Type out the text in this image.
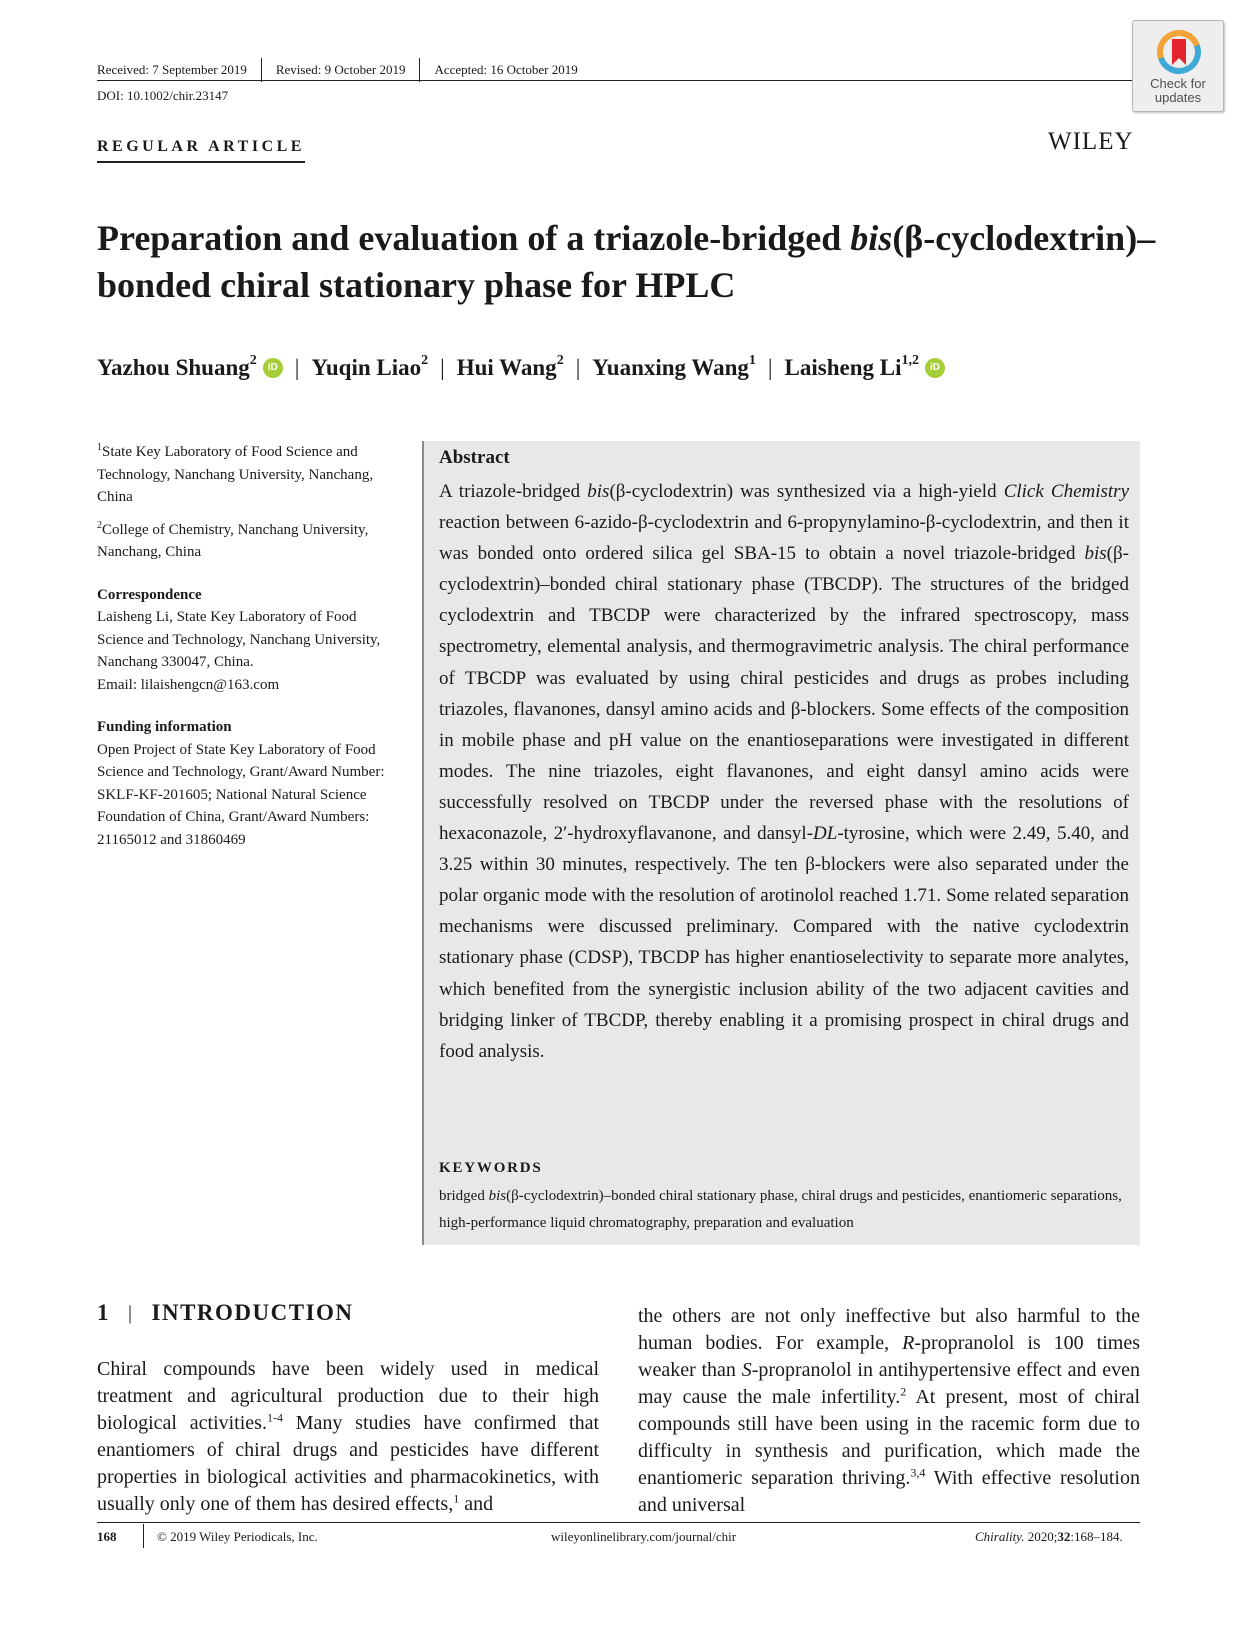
Received: 7 September 2019	Revised: 9 October 2019	Accepted: 16 October 2019
DOI: 10.1002/chir.23147
Check for
updates
REGULAR ARTICLE	WILEY
Preparation and evaluation of a triazole-bridged bis(β-cyclodextrin)–bonded chiral stationary phase for HPLC
Yazhou Shuang$^2$	iD | Yuqin Liao$^2$ | Hui Wang$^2$ | Yuanxing Wang$^1$ | Laisheng Li$^{1,2}$	iD

$^1$State Key Laboratory of Food Science and Technology, Nanchang University, Nanchang, China

$^2$College of Chemistry, Nanchang University, Nanchang, China

Correspondence

Laisheng Li, State Key Laboratory of Food Science and Technology, Nanchang University, Nanchang 330047, China.

Email: lilaishengcn@163.com

Funding information

Open Project of State Key Laboratory of Food Science and Technology, Grant/Award Number: SKLF-KF-201605; National Natural Science Foundation of China, Grant/Award Numbers: 21165012 and 31860469

Abstract

A triazole-bridged bis(β-cyclodextrin) was synthesized via a high-yield Click Chemistry reaction between 6-azido-β-cyclodextrin and 6-propynylamino-β-cyclodextrin, and then it was bonded onto ordered silica gel SBA-15 to obtain a novel triazole-bridged bis(β-cyclodextrin)–bonded chiral stationary phase (TBCDP). The structures of the bridged cyclodextrin and TBCDP were characterized by the infrared spectroscopy, mass spectrometry, elemental analysis, and thermogravimetric analysis. The chiral performance of TBCDP was evaluated by using chiral pesticides and drugs as probes including triazoles, flavanones, dansyl amino acids and β-blockers. Some effects of the composition in mobile phase and pH value on the enantioseparations were investigated in different modes. The nine triazoles, eight flavanones, and eight dansyl amino acids were successfully resolved on TBCDP under the reversed phase with the resolutions of hexaconazole, 2′-hydroxyflavanone, and dansyl-DL-tyrosine, which were 2.49, 5.40, and 3.25 within 30 minutes, respectively. The ten β-blockers were also separated under the polar organic mode with the resolution of arotinolol reached 1.71. Some related separation mechanisms were discussed preliminary. Compared with the native cyclodextrin stationary phase (CDSP), TBCDP has higher enantioselectivity to separate more analytes, which benefited from the synergistic inclusion ability of the two adjacent cavities and bridging linker of TBCDP, thereby enabling it a promising prospect in chiral drugs and food analysis.

KEYWORDS

bridged bis(β-cyclodextrin)–bonded chiral stationary phase, chiral drugs and pesticides, enantiomeric separations, high-performance liquid chromatography, preparation and evaluation

1 | INTRODUCTION

Chiral compounds have been widely used in medical treatment and agricultural production due to their high biological activities.$^{1-4}$ Many studies have confirmed that enantiomers of chiral drugs and pesticides have different properties in biological activities and pharmacokinetics, with usually only one of them has desired effects,$^1$ and

the others are not only ineffective but also harmful to the human bodies. For example, R-propranolol is 100 times weaker than S-propranolol in antihypertensive effect and even may cause the male infertility.$^2$ At present, most of chiral compounds still have been using in the racemic form due to difficulty in synthesis and purification, which made the enantiomeric separation thriving.$^{3,4}$ With effective resolution and universal

168	© 2019 Wiley Periodicals, Inc.	wileyonlinelibrary.com/journal/chir	Chirality. 2020;32:168–184.
